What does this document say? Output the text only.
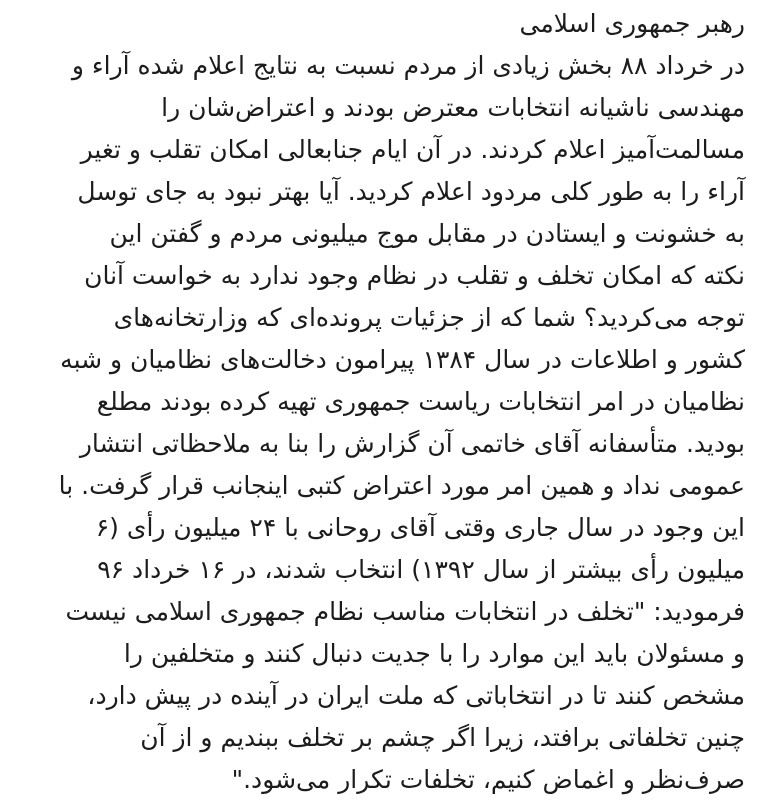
رهبر جمهوری اسلامی
در خرداد ۸۸ بخش زیادی از مردم نسبت به نتایج اعلام شده آراء و
مهندسی ناشیانه انتخابات معترض بودند و اعتراض‌شان را
مسالمت‌آمیز اعلام کردند. در آن ایام جنابعالی امکان تقلب و تغیر
آراء را به طور کلی مردود اعلام کردید. آیا بهتر نبود به جای توسل
به خشونت و ایستادن در مقابل موج میلیونی مردم و گفتن این
نکته که امکان تخلف و تقلب در نظام وجود ندارد به خواست آنان
توجه می‌کردید؟ شما که از جزئیات پرونده‌ای که وزارتخانه‌های
کشور و اطلاعات در سال ۱۳۸۴ پیرامون دخالت‌های نظامیان و شبه
نظامیان در امر انتخابات ریاست جمهوری تهیه کرده بودند مطلع
بودید. متأسفانه آقای خاتمی آن گزارش را بنا به ملاحظاتی انتشار
عمومی نداد و همین امر مورد اعتراض کتبی اینجانب قرار گرفت. با
این وجود در سال جاری وقتی آقای روحانی با ۲۴ میلیون رأی (۶
میلیون رأی بیشتر از سال ۱۳۹۲) انتخاب شدند، در ۱۶ خرداد ۹۶
فرمودید: "تخلف در انتخابات مناسب نظام جمهوری اسلامی نیست
و مسئولان باید این موارد را با جدیت دنبال کنند و متخلفین را
مشخص کنند تا در انتخاباتی که ملت ایران در آینده در پیش دارد،
چنین تخلفاتی برافتد، زیرا اگر چشم بر تخلف ببندیم و از آن
صرف‌نظر و اغماض کنیم، تخلفات تکرار می‌شود."
